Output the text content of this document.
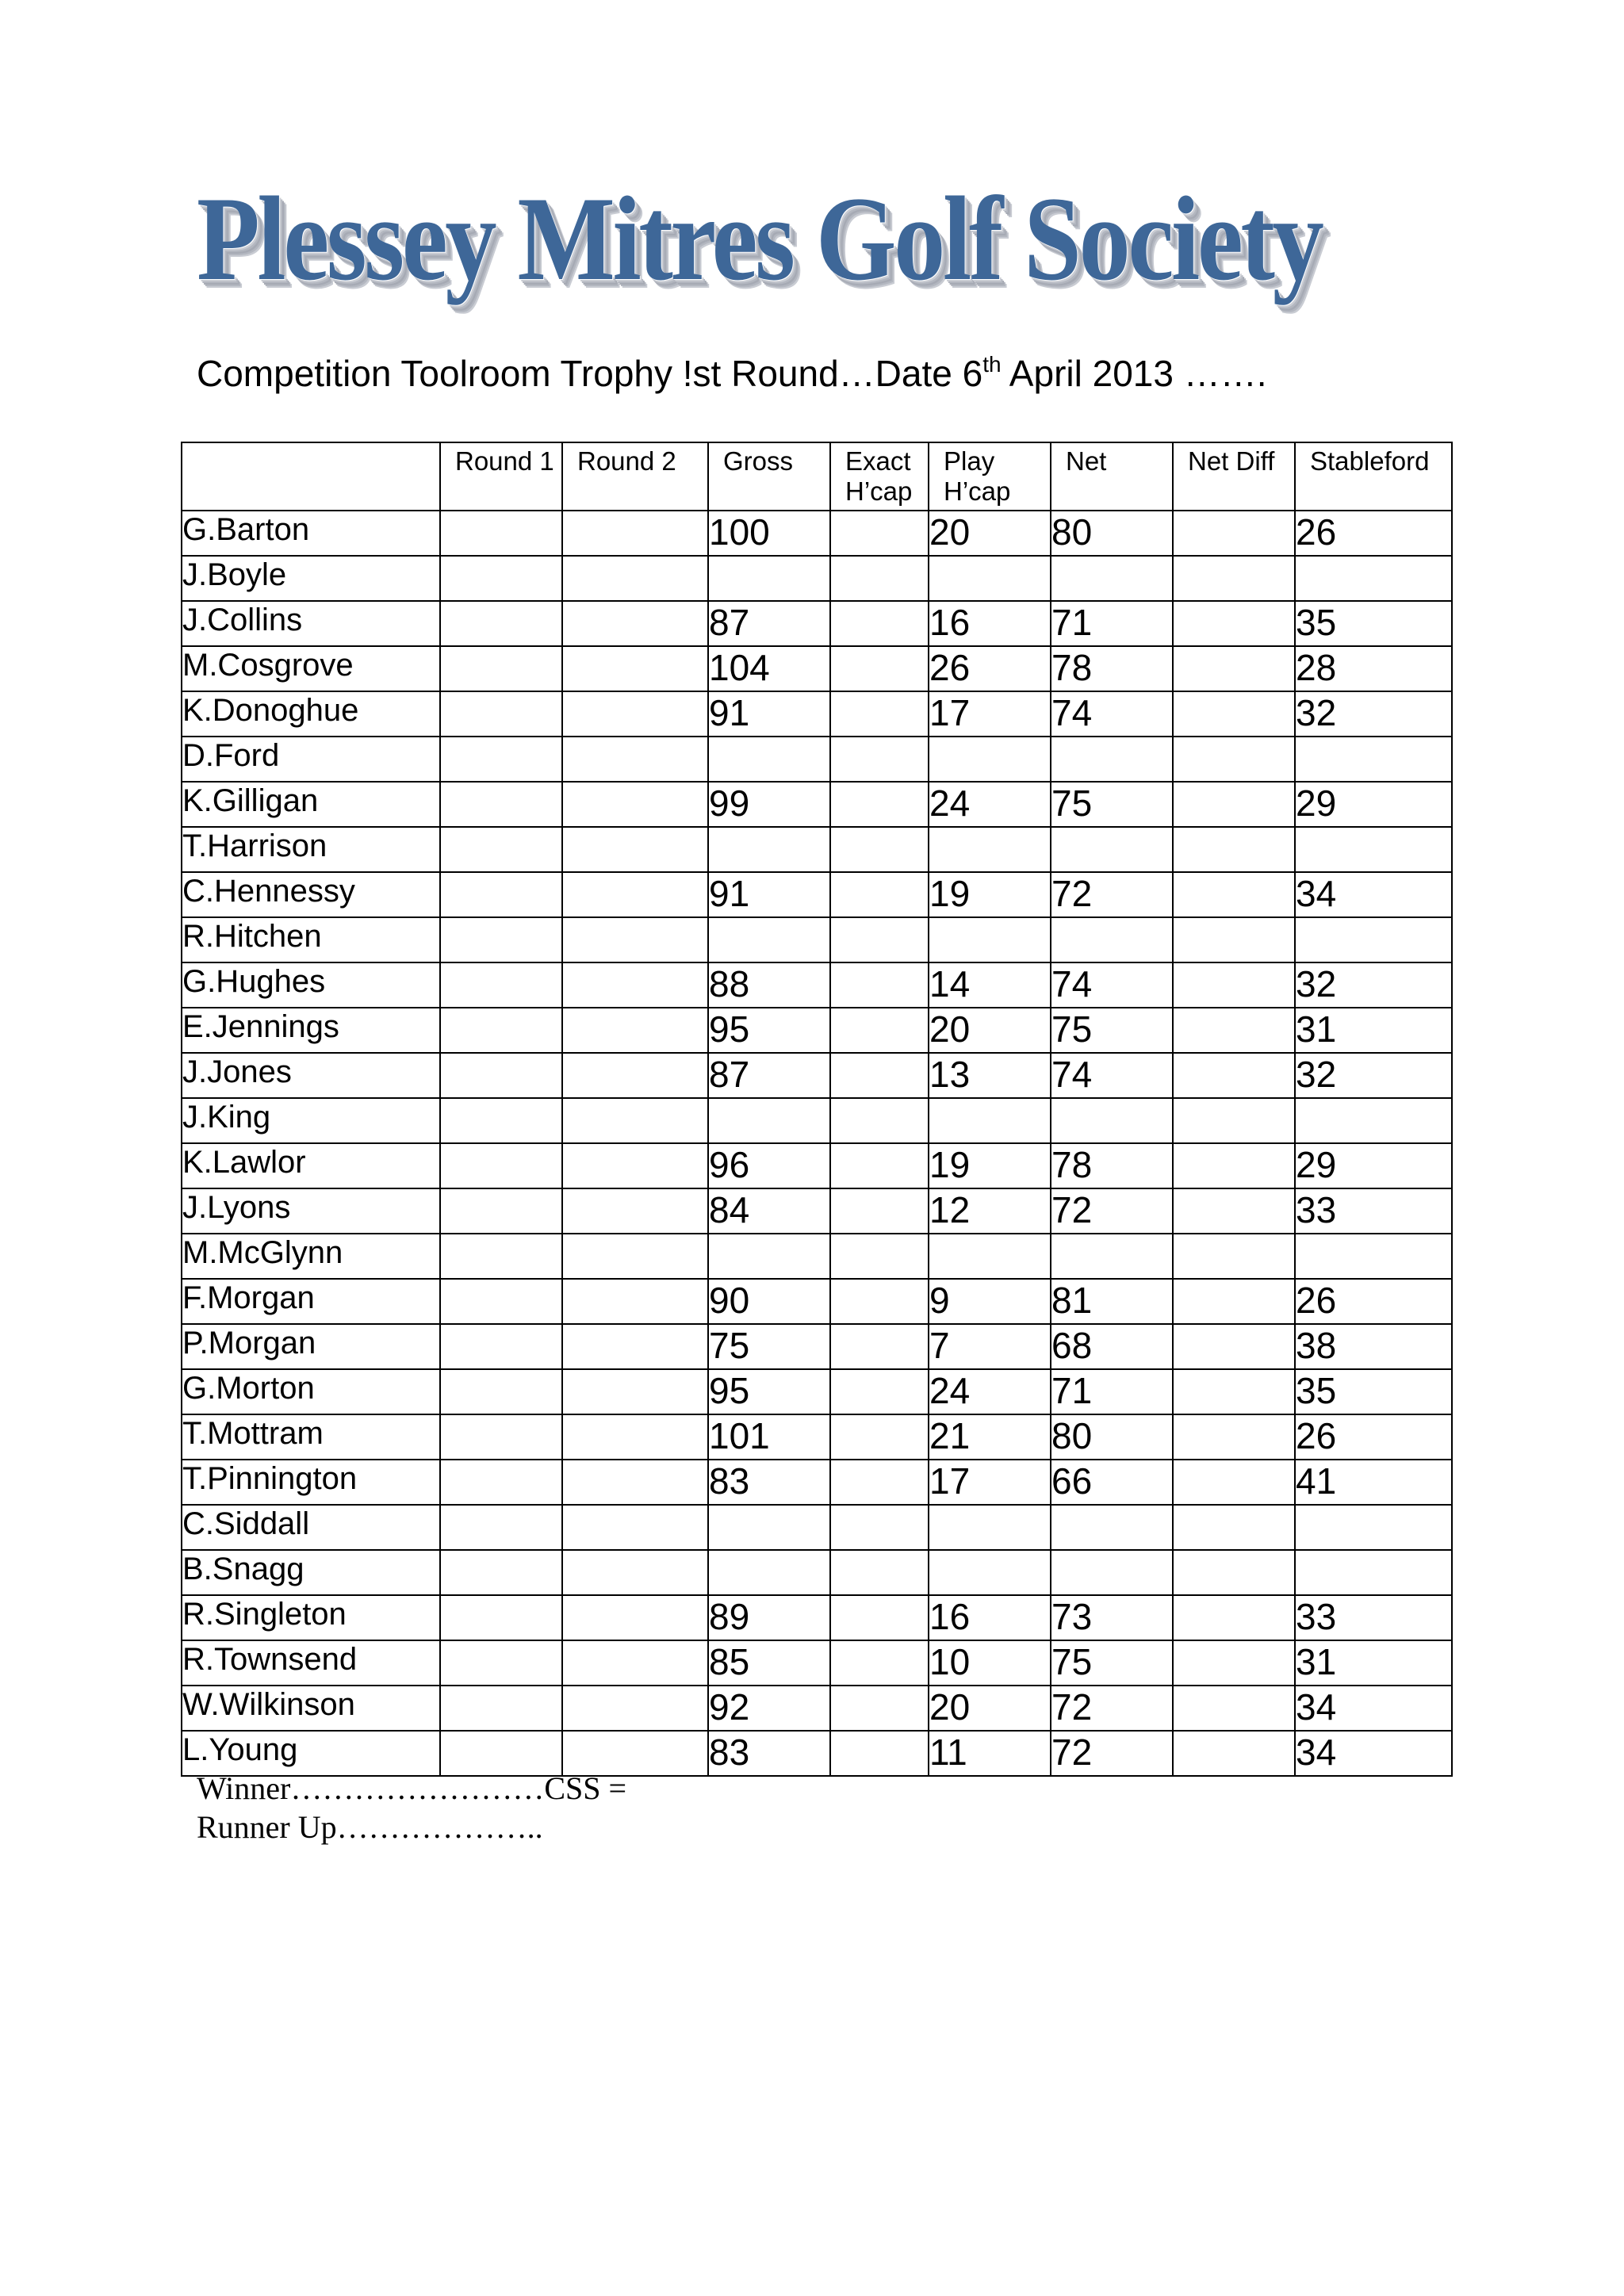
Plessey Mitres Golf Society
Competition Toolroom Trophy !st Round…Date 6th April 2013 …….
	Round 1	Round 2	Gross	Exact H’cap	Play H’cap	Net	Net Diff	Stableford
G.Barton			100		20	80		26
J.Boyle								
J.Collins			87		16	71		35
M.Cosgrove			104		26	78		28
K.Donoghue			91		17	74		32
D.Ford								
K.Gilligan			99		24	75		29
T.Harrison								
C.Hennessy			91		19	72		34
R.Hitchen								
G.Hughes			88		14	74		32
E.Jennings			95		20	75		31
J.Jones			87		13	74		32
J.King								
K.Lawlor			96		19	78		29
J.Lyons			84		12	72		33
M.McGlynn								
F.Morgan			90		9	81		26
P.Morgan			75		7	68		38
G.Morton			95		24	71		35
T.Mottram			101		21	80		26
T.Pinnington			83		17	66		41
C.Siddall								
B.Snagg								
R.Singleton			89		16	73		33
R.Townsend			85		10	75		31
W.Wilkinson			92		20	72		34
L.Young			83		11	72		34
Winner……………………CSS =
Runner Up………………..
